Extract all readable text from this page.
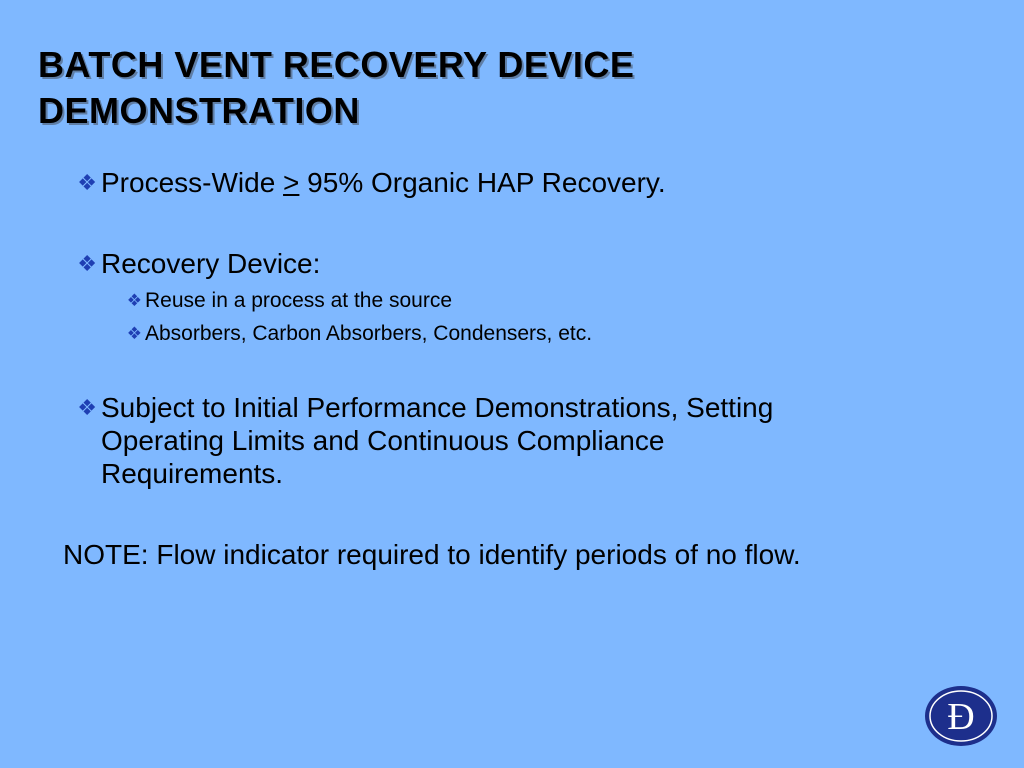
BATCH VENT RECOVERY DEVICE
DEMONSTRATION
❖ Process-Wide ≥ 95% Organic HAP Recovery.
❖ Recovery Device:
❖ Reuse in a process at the source
❖ Absorbers, Carbon Absorbers, Condensers, etc.
❖ Subject to Initial Performance Demonstrations, Setting
Operating Limits and Continuous Compliance
Requirements.
NOTE: Flow indicator required to identify periods of no flow.
Ɖ
